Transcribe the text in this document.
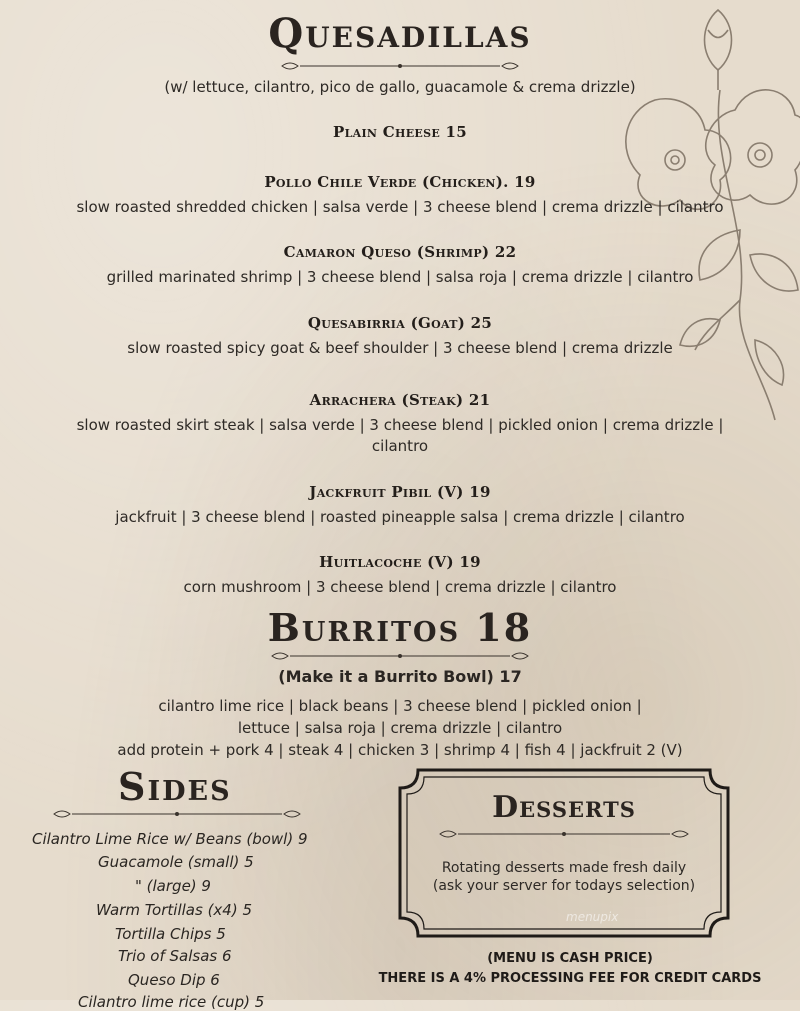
Quesadillas
(w/ lettuce, cilantro, pico de gallo, guacamole & crema drizzle)
Plain Cheese 15
Pollo Chile Verde (Chicken). 19
slow roasted shredded chicken | salsa verde | 3 cheese blend | crema drizzle | cilantro
Camaron Queso (Shrimp) 22
grilled marinated shrimp | 3 cheese blend | salsa roja | crema drizzle | cilantro
Quesabirria (Goat) 25
slow roasted spicy goat & beef shoulder | 3 cheese blend | crema drizzle
Arrachera (Steak) 21
slow roasted skirt steak | salsa verde | 3 cheese blend | pickled onion | crema drizzle |
cilantro
Jackfruit Pibil (V) 19
jackfruit | 3 cheese blend | roasted pineapple salsa | crema drizzle | cilantro
Huitlacoche (V) 19
corn mushroom | 3 cheese blend | crema drizzle | cilantro
Burritos 18
(Make it a Burrito Bowl) 17
cilantro lime rice | black beans | 3 cheese blend | pickled onion |
lettuce | salsa roja | crema drizzle | cilantro
add protein + pork 4 | steak 4 | chicken 3 | shrimp 4 | fish 4 | jackfruit 2 (V)
Sides
Cilantro Lime Rice w/ Beans (bowl) 9
Guacamole (small) 5
" (large) 9
Warm Tortillas (x4) 5
Tortilla Chips 5
Trio of Salsas 6
Queso Dip 6
Cilantro lime rice (cup) 5
Desserts
Rotating desserts made fresh daily
(ask your server for todays selection)
menupix
(MENU IS CASH PRICE)
THERE IS A 4% PROCESSING FEE FOR CREDIT CARDS
